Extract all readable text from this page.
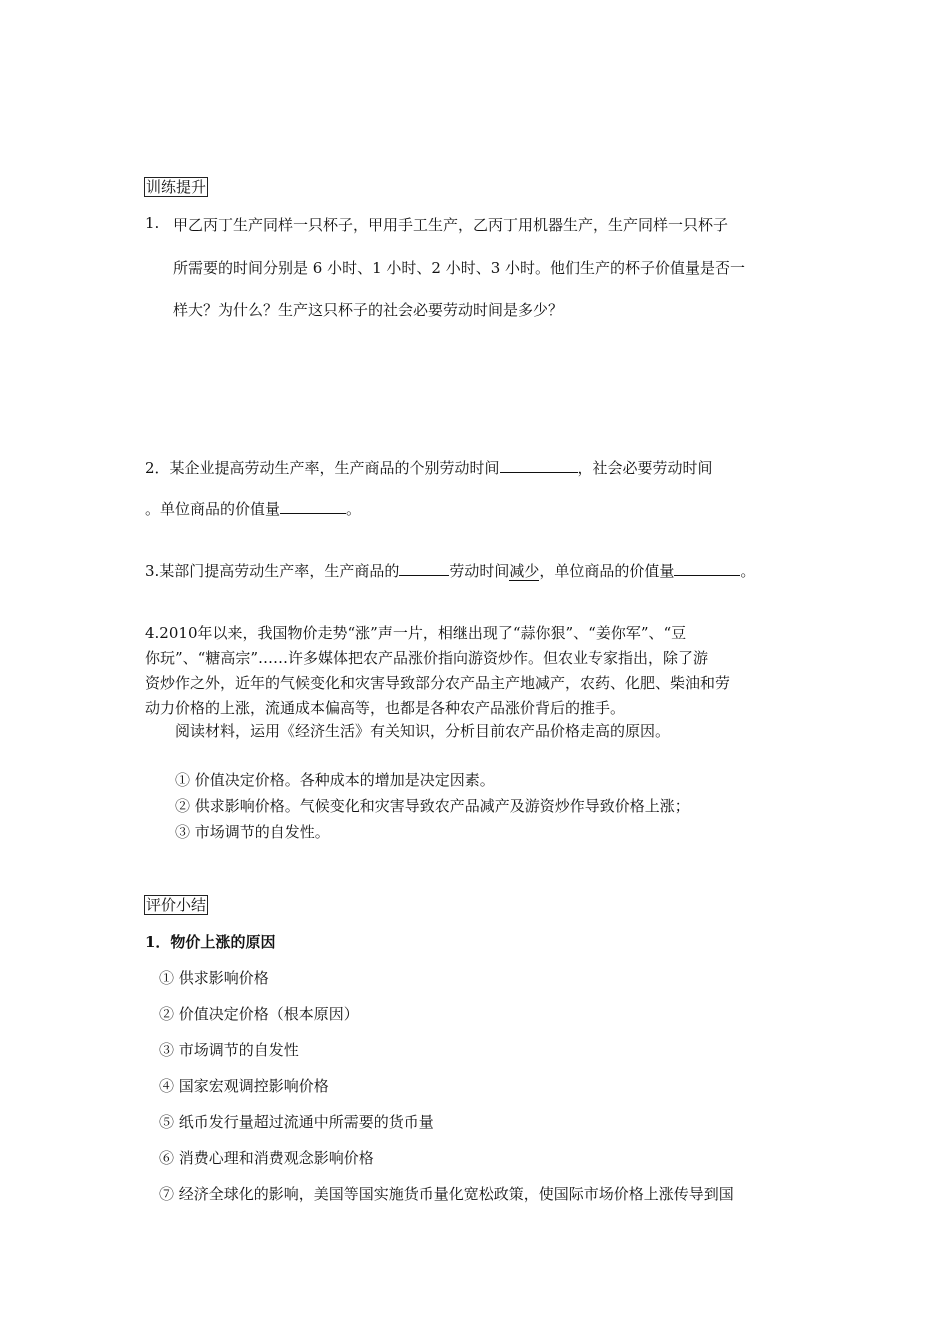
训练提升
1. 甲乙丙丁生产同样一只杯子，甲用手工生产，乙丙丁用机器生产，生产同样一只杯子
所需要的时间分别是 6 小时、1 小时、2 小时、3 小时。他们生产的杯子价值量是否一
样大？为什么？生产这只杯子的社会必要劳动时间是多少？
2．某企业提高劳动生产率，生产商品的个别劳动时间	，社会必要劳动时间
。单位商品的价值量	。
3.某部门提高劳动生产率，生产商品的	劳动时间减少，单位商品的价值量	。
4.2010年以来，我国物价走势“涨”声一片，相继出现了“蒜你狠”、“姜你军”、“豆
你玩”、“糖高宗”……许多媒体把农产品涨价指向游资炒作。但农业专家指出，除了游
资炒作之外，近年的气候变化和灾害导致部分农产品主产地减产，农药、化肥、柴油和劳
动力价格的上涨，流通成本偏高等，也都是各种农产品涨价背后的推手。
阅读材料，运用《经济生活》有关知识，分析目前农产品价格走高的原因。
① 价值决定价格。各种成本的增加是决定因素。
② 供求影响价格。气候变化和灾害导致农产品减产及游资炒作导致价格上涨；
③ 市场调节的自发性。
评价小结
1．物价上涨的原因
① 供求影响价格
② 价值决定价格（根本原因）
③ 市场调节的自发性
④ 国家宏观调控影响价格
⑤ 纸币发行量超过流通中所需要的货币量
⑥ 消费心理和消费观念影响价格
⑦ 经济全球化的影响，美国等国实施货币量化宽松政策，使国际市场价格上涨传导到国
